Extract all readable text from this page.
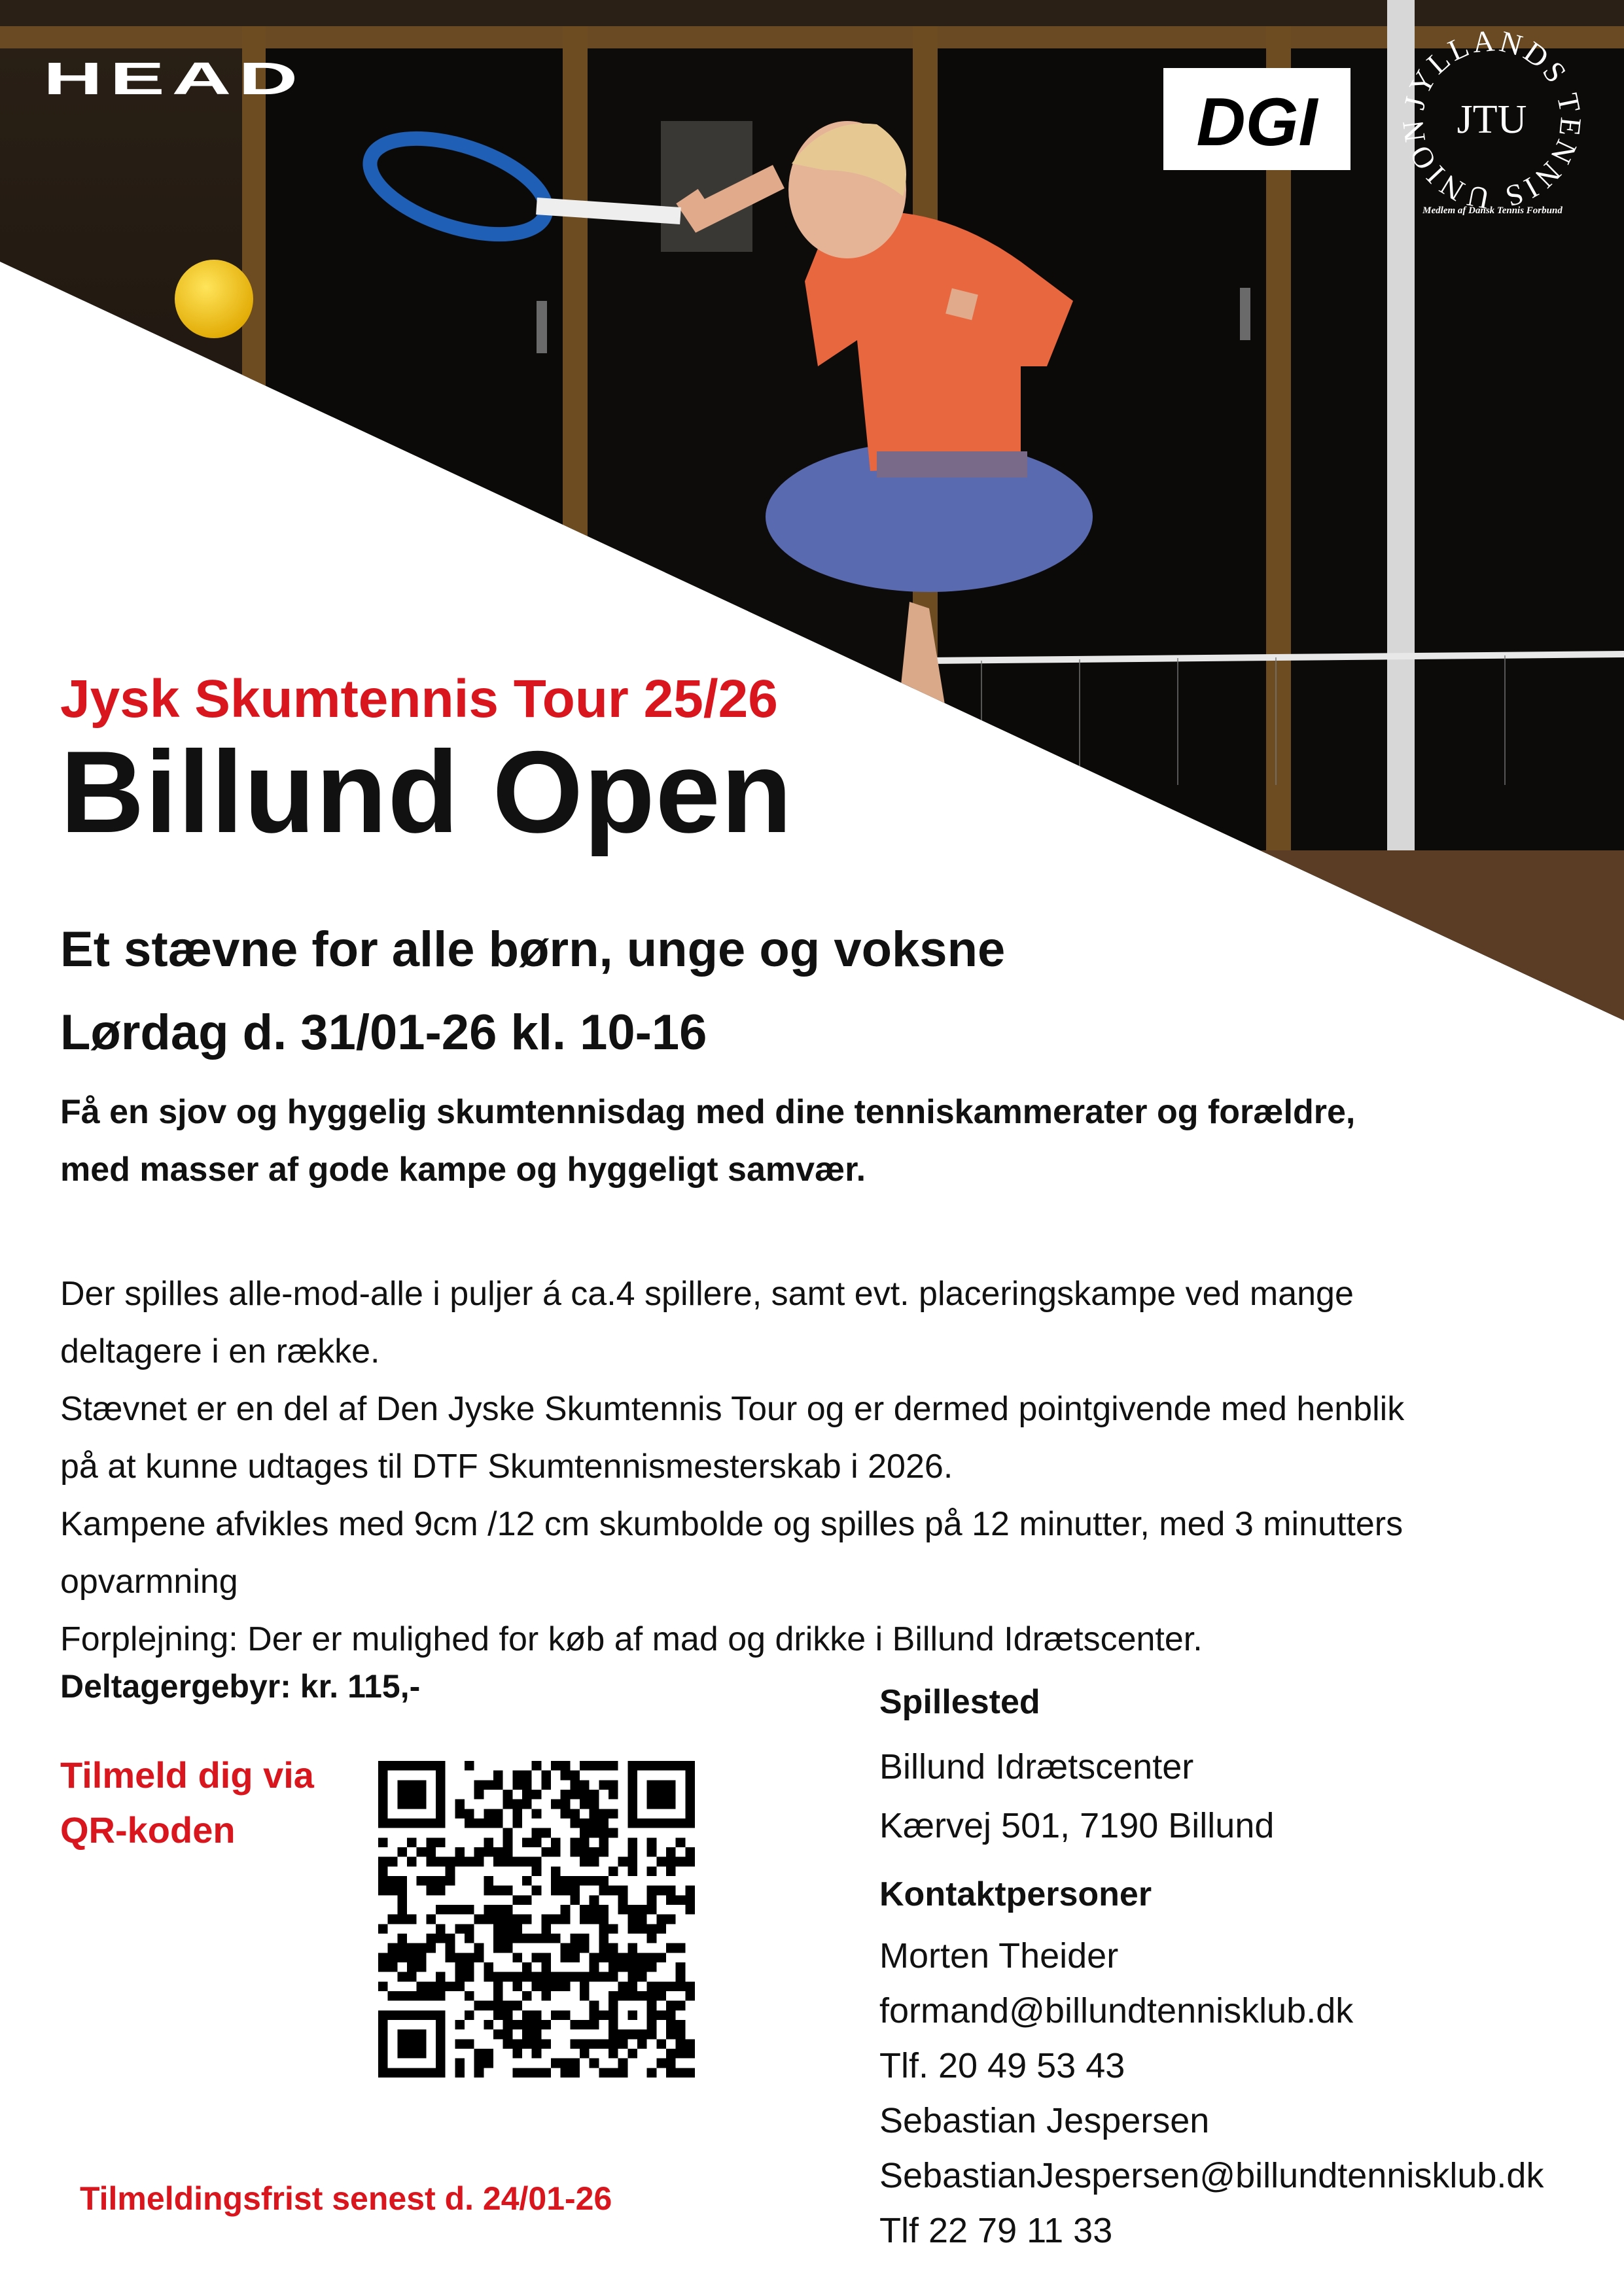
HEAD
DGI	JYLLANDS TENNIS UNION JTU
Medlem af Dansk Tennis Forbund
Jysk Skumtennis Tour 25/26
Billund Open
Et stævne for alle børn, unge og voksne
Lørdag d. 31/01-26 kl. 10-16
Få en sjov og hyggelig skumtennisdag med dine tenniskammerater og forældre,
med masser af gode kampe og hyggeligt samvær.
Der spilles alle-mod-alle i puljer á ca.4 spillere, samt evt. placeringskampe ved mange
deltagere i en række.
Stævnet er en del af Den Jyske Skumtennis Tour og er dermed pointgivende med henblik
på at kunne udtages til DTF Skumtennismesterskab i 2026.
Kampene afvikles med 9cm /12 cm skumbolde og spilles på 12 minutter, med 3 minutters
opvarmning
Forplejning: Der er mulighed for køb af mad og drikke i Billund Idrætscenter.
Deltagergebyr: kr. 115,-
Tilmeld dig via
QR-koden
Tilmeldingsfrist senest d. 24/01-26
Spillested
Billund Idrætscenter
Kærvej 501, 7190 Billund
Kontaktpersoner
Morten Theider
formand@billundtennisklub.dk
Tlf. 20 49 53 43
Sebastian Jespersen
SebastianJespersen@billundtennisklub.dk
Tlf 22 79 11 33
